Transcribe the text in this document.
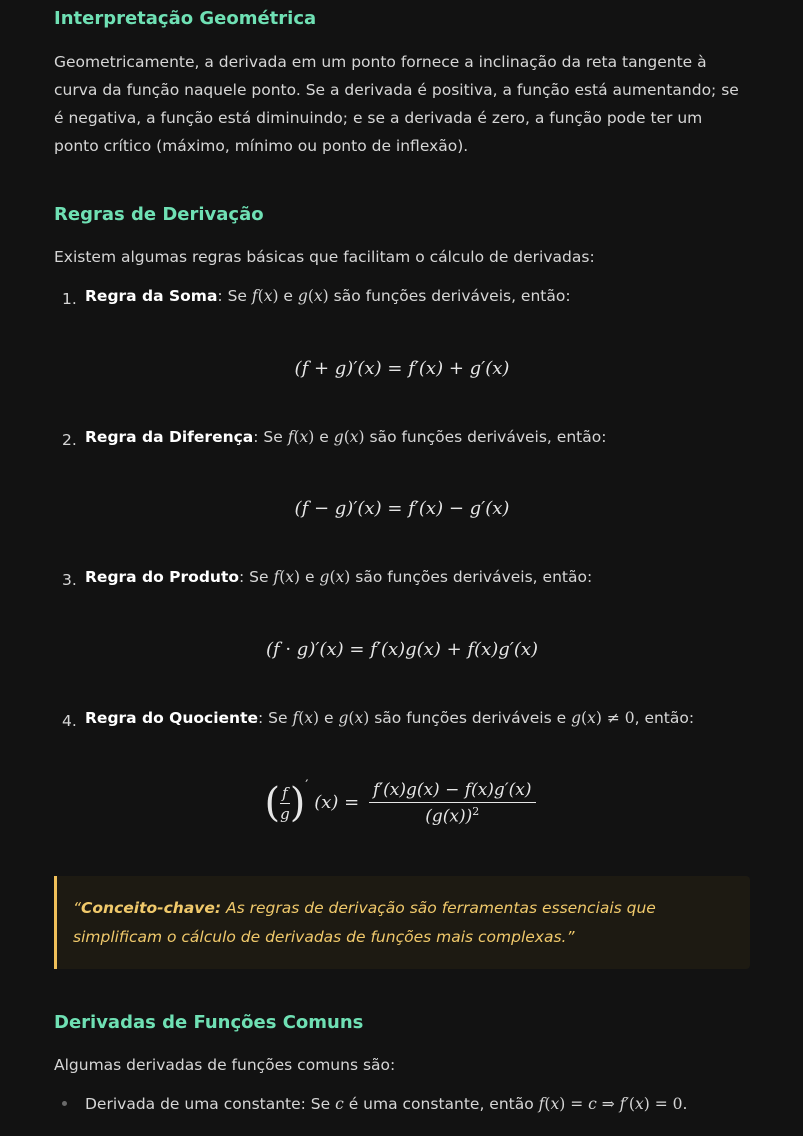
Interpretação Geométrica

Geometricamente, a derivada em um ponto fornece a inclinação da reta tangente à curva da função naquele ponto. Se a derivada é positiva, a função está aumentando; se é negativa, a função está diminuindo; e se a derivada é zero, a função pode ter um ponto crítico (máximo, mínimo ou ponto de inflexão).

Regras de Derivação

Existem algumas regras básicas que facilitam o cálculo de derivadas:

1. Regra da Soma: Se f(x) e g(x) são funções deriváveis, então:
(f + g)′(x) = f′(x) + g′(x)
2. Regra da Diferença: Se f(x) e g(x) são funções deriváveis, então:
(f − g)′(x) = f′(x) − g′(x)
3. Regra do Produto: Se f(x) e g(x) são funções deriváveis, então:
(f · g)′(x) = f′(x)g(x) + f(x)g′(x)
4. Regra do Quociente: Se f(x) e g(x) são funções deriváveis e g(x) ≠ 0, então:
( $\frac{f}{g} )'$ $(x) = \frac{f'(x)g(x) - f(x)g'(x)}{(g(x))^2}$
“Conceito-chave: As regras de derivação são ferramentas essenciais que simplificam o cálculo de derivadas de funções mais complexas.”
Derivadas de Funções Comuns

Algumas derivadas de funções comuns são:

Derivada de uma constante: Se c é uma constante, então f(x) = c ⇒ f′(x) = 0.
